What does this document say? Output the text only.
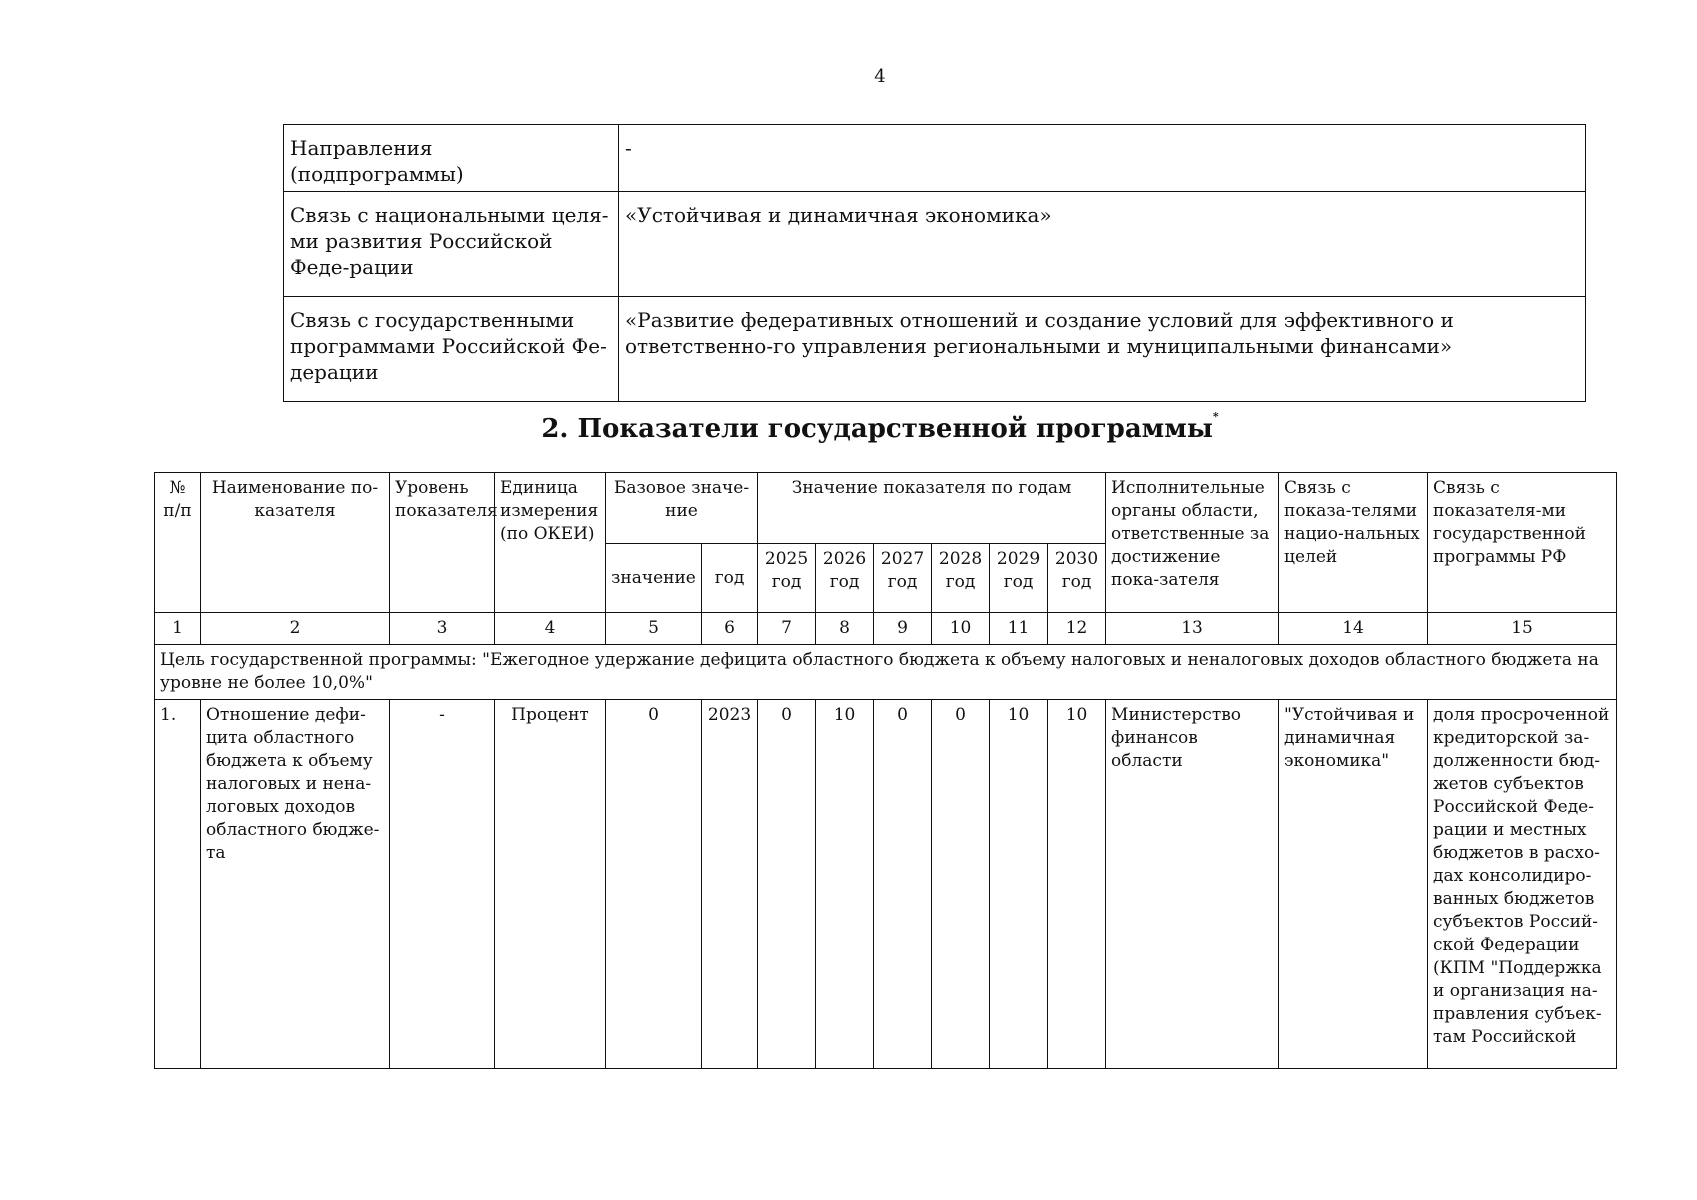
4
Направления (подпрограммы)	-
Связь с национальными целя-ми развития Российской Феде-рации	«Устойчивая и динамичная экономика»
Связь с государственными программами Российской Фе-дерации	«Развитие федеративных отношений и создание условий для эффективного и ответственно-го управления региональными и муниципальными финансами»
2. Показатели государственной программы*
№ п/п	Наименование по-казателя	Уровень показателя	Единица измерения (по ОКЕИ)	Базовое значе-ние		Значение показателя по годам						Исполнительные органы области, ответственные за достижение пока-зателя	Связь с показа-телями нацио-нальных целей	Связь с показателя-ми государственной программы РФ
				значение	год	2025 год	2026 год	2027 год	2028 год	2029 год	2030 год			
1	2	3	4	5	6	7	8	9	10	11	12	13	14	15
Цель государственной программы: "Ежегодное удержание дефицита областного бюджета к объему налоговых и неналоговых доходов областного бюджета на уровне не более 10,0%"														
1.	Отношение дефи-цита областного бюджета к объему налоговых и нена-логовых доходов областного бюдже-та	-	Процент	0	2023	0	10	0	0	10	10	Министерство финансов области	"Устойчивая и динамичная экономика"	доля просроченной кредиторской за-долженности бюд-жетов субъектов Российской Феде-рации и местных бюджетов в расхо-дах консолидиро-ванных бюджетов субъектов Россий-ской Федерации (КПМ "Поддержка и организация на-правления субъек-там Российской
